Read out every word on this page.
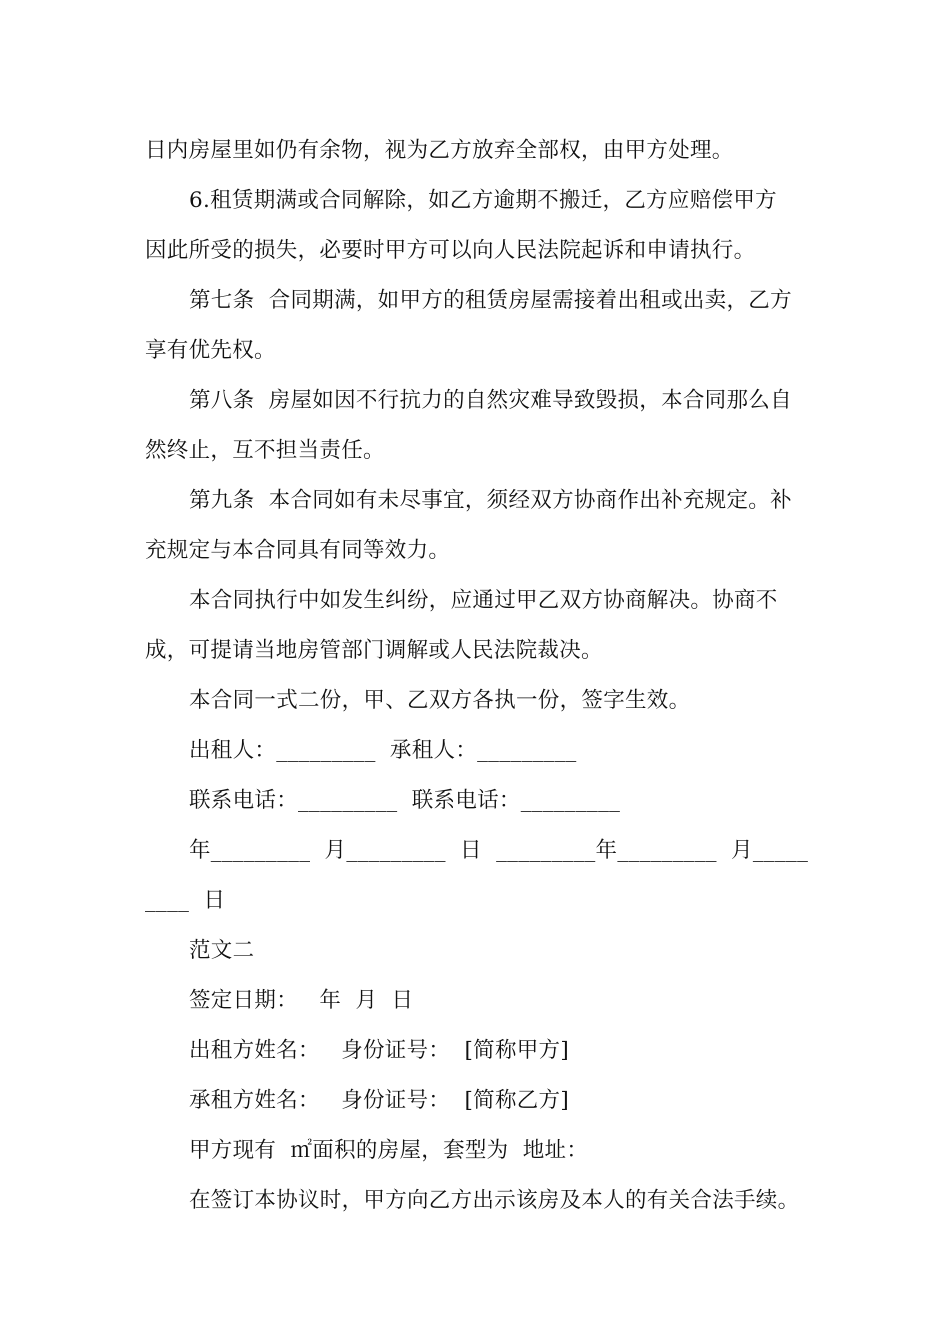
日内房屋里如仍有余物，视为乙方放弃全部权，由甲方处理。
6.租赁期满或合同解除，如乙方逾期不搬迁，乙方应赔偿甲方
因此所受的损失，必要时甲方可以向人民法院起诉和申请执行。
第七条  合同期满，如甲方的租赁房屋需接着出租或出卖，乙方
享有优先权。
第八条  房屋如因不行抗力的自然灾难导致毁损，本合同那么自
然终止，互不担当责任。
第九条  本合同如有未尽事宜，须经双方协商作出补充规定。补
充规定与本合同具有同等效力。
本合同执行中如发生纠纷，应通过甲乙双方协商解决。协商不
成，可提请当地房管部门调解或人民法院裁决。
本合同一式二份，甲、乙双方各执一份，签字生效。
出租人：_________  承租人：_________
联系电话：_________  联系电话：_________
年_________  月_________  日  _________年_________  月_____
____  日
范文二
签定日期：   年  月  日
出租方姓名：   身份证号：  [简称甲方]
承租方姓名：   身份证号：  [简称乙方]
甲方现有  ㎡面积的房屋，套型为  地址：
在签订本协议时，甲方向乙方出示该房及本人的有关合法手续。
